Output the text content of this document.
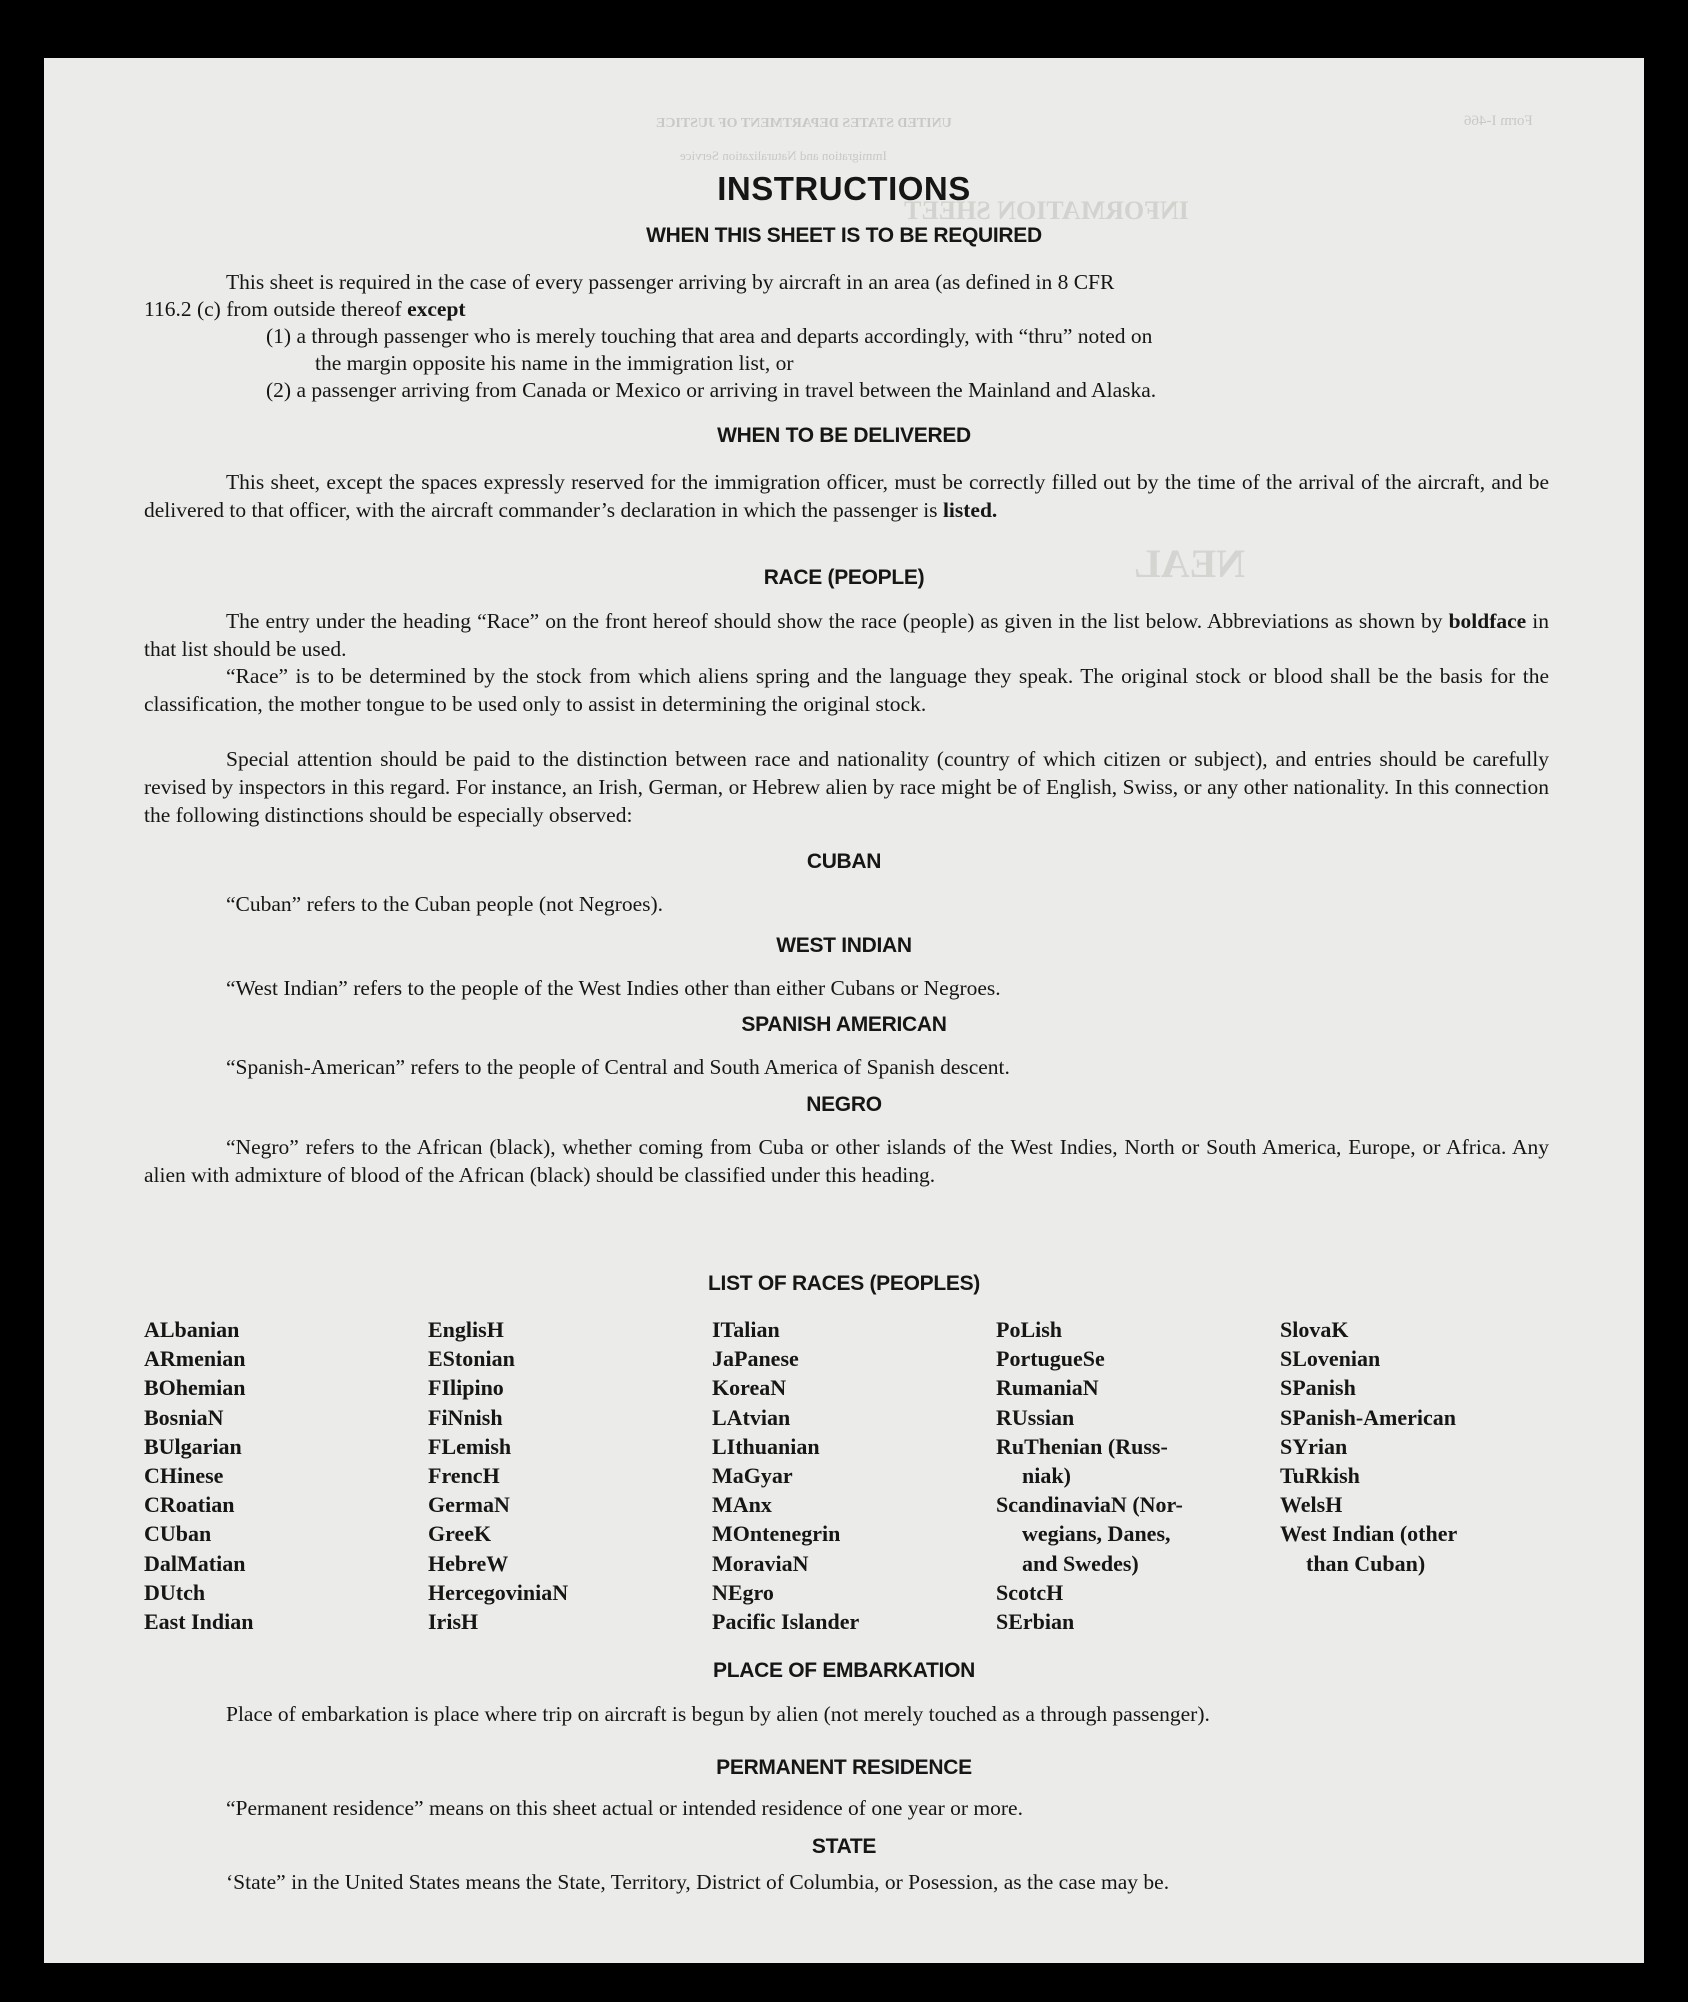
Form I-466
UNITED STATES DEPARTMENT OF JUSTICE
Immigration and Naturalization Service
INFORMATION SHEET
NEAL
INSTRUCTIONS
WHEN THIS SHEET IS TO BE REQUIRED
This sheet is required in the case of every passenger arriving by aircraft in an area (as defined in 8 CFR
116.2 (c) from outside thereof except
(1) a through passenger who is merely touching that area and departs accordingly, with “thru” noted on
the margin opposite his name in the immigration list, or
(2) a passenger arriving from Canada or Mexico or arriving in travel between the Mainland and Alaska.
WHEN TO BE DELIVERED
This sheet, except the spaces expressly reserved for the immigration officer, must be correctly filled out by the time of the arrival of the aircraft, and be delivered to that officer, with the aircraft commander’s declaration in which the passenger is listed.
RACE (PEOPLE)
The entry under the heading “Race” on the front hereof should show the race (people) as given in the list below. Abbreviations as shown by boldface in that list should be used.
“Race” is to be determined by the stock from which aliens spring and the language they speak. The original stock or blood shall be the basis for the classification, the mother tongue to be used only to assist in determining the original stock.
Special attention should be paid to the distinction between race and nationality (country of which citizen or subject), and entries should be carefully revised by inspectors in this regard. For instance, an Irish, German, or Hebrew alien by race might be of English, Swiss, or any other nationality. In this connection the following distinctions should be especially observed:
CUBAN
“Cuban” refers to the Cuban people (not Negroes).
WEST INDIAN
“West Indian” refers to the people of the West Indies other than either Cubans or Negroes.
SPANISH AMERICAN
“Spanish-American” refers to the people of Central and South America of Spanish descent.
NEGRO
“Negro” refers to the African (black), whether coming from Cuba or other islands of the West Indies, North or South America, Europe, or Africa. Any alien with admixture of blood of the African (black) should be classified under this heading.
LIST OF RACES (PEOPLES)
ALbanian
ARmenian
BOhemian
BosniaN
BUlgarian
CHinese
CRoatian
CUban
DalMatian
DUtch
East Indian
EnglisH
EStonian
FIlipino
FiNnish
FLemish
FrencH
GermaN
GreeK
HebreW
HercegoviniaN
IrisH
ITalian
JaPanese
KoreaN
LAtvian
LIthuanian
MaGyar
MAnx
MOntenegrin
MoraviaN
NEgro
Pacific Islander
PoLish
PortugueSe
RumaniaN
RUssian
RuThenian (Russ-
niak)
ScandinaviaN (Nor-
wegians, Danes,
and Swedes)
ScotcH
SErbian
SlovaK
SLovenian
SPanish
SPanish-American
SYrian
TuRkish
WelsH
West Indian (other
than Cuban)
PLACE OF EMBARKATION
Place of embarkation is place where trip on aircraft is begun by alien (not merely touched as a through passenger).
PERMANENT RESIDENCE
“Permanent residence” means on this sheet actual or intended residence of one year or more.
STATE
‘State” in the United States means the State, Territory, District of Columbia, or Posession, as the case may be.
